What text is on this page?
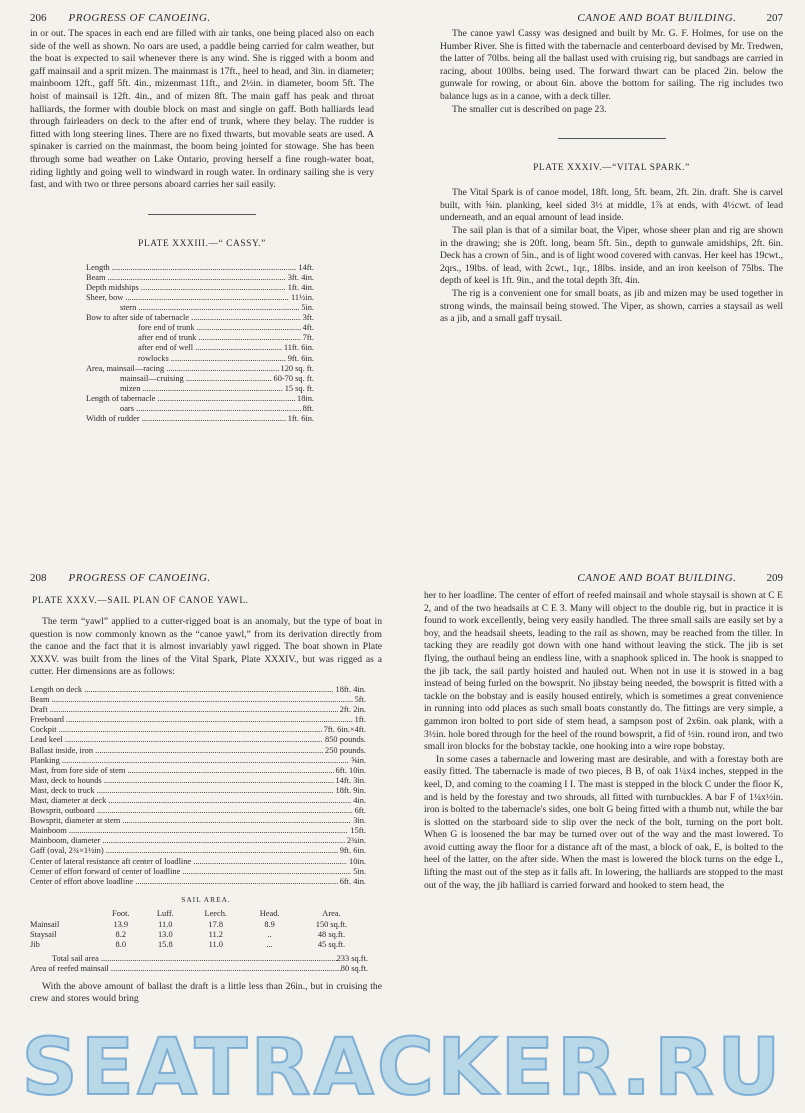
206 PROGRESS OF CANOEING.

in or out. The spaces in each end are filled with air tanks, one being placed also on each side of the well as shown. No oars are used, a paddle being carried for calm weather, but the boat is expected to sail whenever there is any wind. She is rigged with a boom and gaff mainsail and a sprit mizen. The mainmast is 17ft., heel to head, and 3in. in diameter; mainboom 12ft., gaff 5ft. 4in., mizenmast 11ft., and 2½in. in diameter, boom 5ft. The hoist of mainsail is 12ft. 4in., and of mizen 8ft. The main gaff has peak and throat halliards, the former with double block on mast and single on gaff. Both halliards lead through fairleaders on deck to the after end of trunk, where they belay. The rudder is fitted with long steering lines. There are no fixed thwarts, but movable seats are used. A spinaker is carried on the mainmast, the boom being jointed for stowage. She has been through some bad weather on Lake Ontario, proving herself a fine rough-water boat, riding lightly and going well to windward in rough water. In ordinary sailing she is very fast, and with two or three persons aboard carries her sail easily.

PLATE XXXIII.—“ CASSY.”
Length .....	14ft.
Beam .....	3ft. 4in.
Depth midships .....	1ft. 4in.
Sheer, bow .....	11½in.
stern .....	5in.
Bow to after side of tabernacle .....	3ft.
fore end of trunk .....	4ft.
after end of trunk .....	7ft.
after end of well .....	11ft. 6in.
rowlocks .....	9ft. 6in.
Area, mainsail—racing .....	120 sq. ft.
mainsail—cruising .....	60-70 sq. ft.
mizen .....	15 sq. ft.
Length of tabernacle .....	18in.
oars .....	8ft.
Width of rudder .....	1ft. 6in.
CANOE AND BOAT BUILDING.	207

The canoe yawl Cassy was designed and built by Mr. G. F. Holmes, for use on the Humber River. She is fitted with the tabernacle and centerboard devised by Mr. Tredwen, the latter of 70lbs. being all the ballast used with cruising rig, but sandbags are carried in racing, about 100lbs. being used. The forward thwart can be placed 2in. below the gunwale for rowing, or about 6in. above the bottom for sailing. The rig includes two balance lugs as in a canoe, with a deck tiller.

The smaller cut is described on page 23.

PLATE XXXIV.—“VITAL SPARK.”

The Vital Spark is of canoe model, 18ft. long, 5ft. beam, 2ft. 2in. draft. She is carvel built, with ⅝in. planking, keel sided 3½ at middle, 1⅞ at ends, with 4½cwt. of lead underneath, and an equal amount of lead inside.

The sail plan is that of a similar boat, the Viper, whose sheer plan and rig are shown in the drawing; she is 20ft. long, beam 5ft. 5in., depth to gunwale amidships, 2ft. 6in. Deck has a crown of 5in., and is of light wood covered with canvas. Her keel has 19cwt., 2qrs., 19lbs. of lead, with 2cwt., 1qr., 18lbs. inside, and an iron keelson of 75lbs. The depth of keel is 1ft. 9in., and the total depth 3ft. 4in.

The rig is a convenient one for small boats, as jib and mizen may be used together in strong winds, the mainsail being stowed. The Viper, as shown, carries a staysail as well as a jib, and a small gaff trysail.

208 PROGRESS OF CANOEING.
PLATE XXXV.—SAIL PLAN OF CANOE YAWL.

The term “yawl” applied to a cutter-rigged boat is an anomaly, but the type of boat in question is now commonly known as the “canoe yawl,” from its derivation directly from the canoe and the fact that it is almost invariably yawl rigged. The boat shown in Plate XXXV. was built from the lines of the Vital Spark, Plate XXXIV., but was rigged as a cutter. Her dimensions are as follows:

Length on deck .....	18ft. 4in.
Beam .....	5ft.
Draft .....	2ft. 2in.
Freeboard .....	1ft.
Cockpit .....	7ft. 6in.×4ft.
Lead keel .....	850 pounds.
Ballast inside, iron .....	250 pounds.
Planking .....	⅝in.
Mast, from fore side of stem .....	6ft. 10in.
Mast, deck to hounds .....	14ft. 3in.
Mast, deck to truck .....	18ft. 9in.
Mast, diameter at deck .....	4in.
Bowsprit, outboard .....	6ft.
Bowsprit, diameter at stem .....	3in.
Mainboom .....	15ft.
Mainboom, diameter .....	2¾in.
Gaff (oval, 2¾×1½in) .....	9ft. 6in.
Center of lateral resistance aft center of loadline .....	10in.
Center of effort forward of center of loadline .....	5in.
Center of effort above loadline .....	6ft. 4in.
SAIL AREA.
	Foot.	Luff.	Leech.	Head.	Area.
Mainsail	13.9	11.0	17.8	8.9	150 sq.ft.
Staysail	8.2	13.0	11.2	..	48 sq.ft.
Jib	8.0	15.8	11.0	...	45 sq.ft.
Total sail area .....	233 sq.ft.
Area of reefed mainsail .....	80 sq.ft.

With the above amount of ballast the draft is a little less than 26in., but in cruising the crew and stores would bring

CANOE AND BOAT BUILDING.	209

her to her loadline. The center of effort of reefed mainsail and whole staysail is shown at C E 2, and of the two headsails at C E 3. Many will object to the double rig, but in practice it is found to work excellently, being very easily handled. The three small sails are easily set by a boy, and the headsail sheets, leading to the rail as shown, may be reached from the tiller. In tacking they are readily got down with one hand without leaving the stick. The jib is set flying, the outhaul being an endless line, with a snaphook spliced in. The hook is snapped to the jib tack, the sail partly hoisted and hauled out. When not in use it is stowed in a bag instead of being furled on the bowsprit. No jibstay being needed, the bowsprit is fitted with a tackle on the bobstay and is easily housed entirely, which is sometimes a great convenience in running into odd places as such small boats constantly do. The fittings are very simple, a gammon iron bolted to port side of stem head, a sampson post of 2x6in. oak plank, with a 3½in. hole bored through for the heel of the round bowsprit, a fid of ½in. round iron, and two small iron blocks for the bobstay tackle, one hooking into a wire rope bobstay.

In some cases a tabernacle and lowering mast are desirable, and with a forestay both are easily fitted. The tabernacle is made of two pieces, B B, of oak 1¼x4 inches, stepped in the keel, D, and coming to the coaming I I. The mast is stepped in the block C under the floor K, and is held by the forestay and two shrouds, all fitted with turnbuckles. A bar F of 1¼x½in. iron is bolted to the tabernacle's sides, one bolt G being fitted with a thumb nut, while the bar is slotted on the starboard side to slip over the neck of the bolt, turning on the port bolt. When G is loosened the bar may be turned over out of the way and the mast lowered. To avoid cutting away the floor for a distance aft of the mast, a block of oak, E, is bolted to the heel of the latter, on the after side. When the mast is lowered the block turns on the edge L, lifting the mast out of the step as it falls aft. In lowering, the halliards are stopped to the mast out of the way, the jib halliard is carried forward and hooked to stem head, the

SEATRACKER.RU
